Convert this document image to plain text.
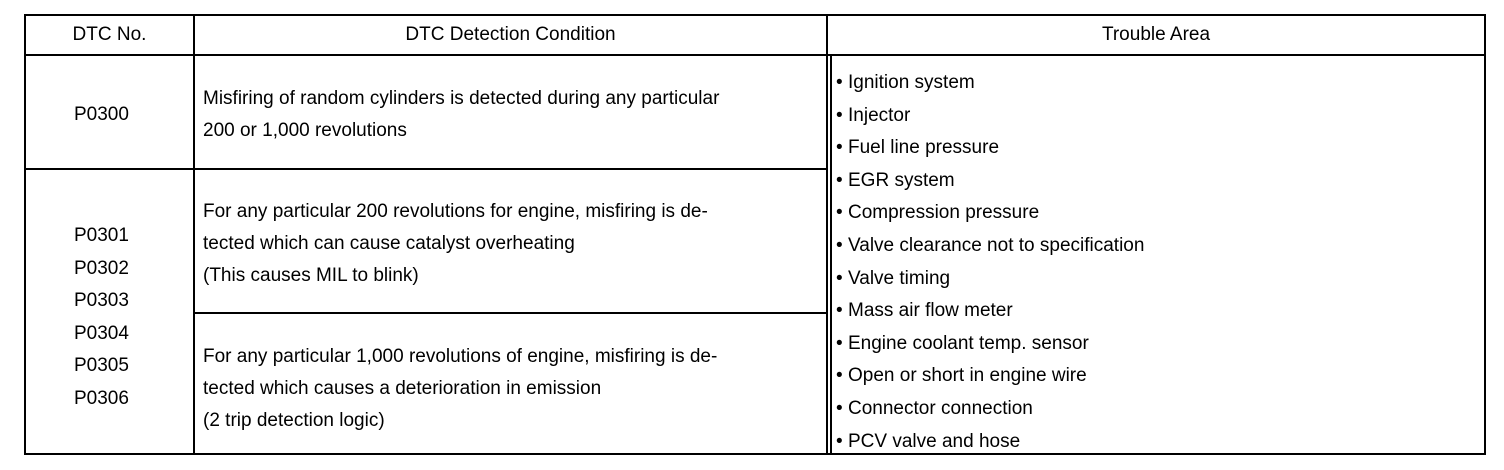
DTC No.	DTC Detection Condition	Trouble Area
P0300
Misfiring of random cylinders is detected during any particular
200 or 1,000 revolutions
P0301
P0302
P0303
P0304
P0305
P0306
For any particular 200 revolutions for engine, misfiring is de-
tected which can cause catalyst overheating
(This causes MIL to blink)
For any particular 1,000 revolutions of engine, misfiring is de-
tected which causes a deterioration in emission
(2 trip detection logic)
• Ignition system
• Injector
• Fuel line pressure
• EGR system
• Compression pressure
• Valve clearance not to specification
• Valve timing
• Mass air flow meter
• Engine coolant temp. sensor
• Open or short in engine wire
• Connector connection
• PCV valve and hose
